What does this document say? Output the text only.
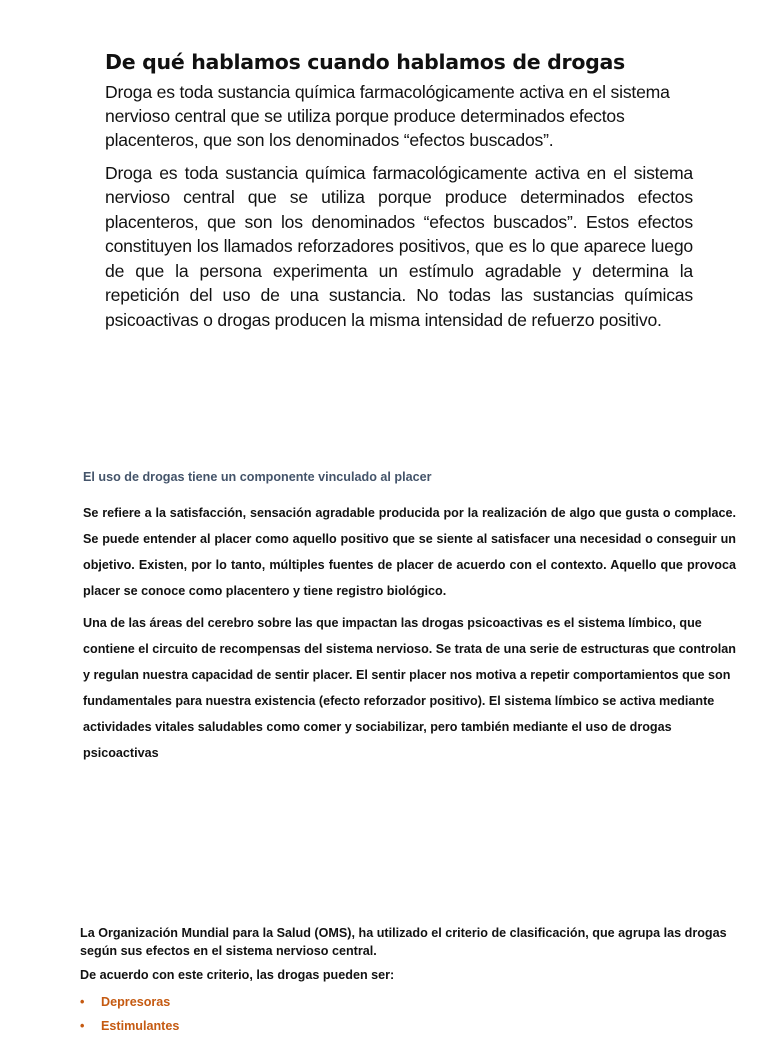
De qué hablamos cuando hablamos de drogas

Droga es toda sustancia química farmacológicamente activa en el sistema nervioso central que se utiliza porque produce determinados efectos placenteros, que son los denominados “efectos buscados”.

Droga es toda sustancia química farmacológicamente activa en el sistema nervioso central que se utiliza porque produce determinados efectos placenteros, que son los denominados “efectos buscados”. Estos efectos constituyen los llamados reforzadores positivos, que es lo que aparece luego de que la persona experimenta un estímulo agradable y determina la repetición del uso de una sustancia. No todas las sustancias químicas psicoactivas o drogas producen la misma intensidad de refuerzo positivo.

El uso de drogas tiene un componente vinculado al placer

Se refiere a la satisfacción, sensación agradable producida por la realización de algo que gusta o complace. Se puede entender al placer como aquello positivo que se siente al satisfacer una necesidad o conseguir un objetivo. Existen, por lo tanto, múltiples fuentes de placer de acuerdo con el contexto. Aquello que provoca placer se conoce como placentero y tiene registro biológico.

Una de las áreas del cerebro sobre las que impactan las drogas psicoactivas es el sistema límbico, que contiene el circuito de recompensas del sistema nervioso. Se trata de una serie de estructuras que controlan y regulan nuestra capacidad de sentir placer. El sentir placer nos motiva a repetir comportamientos que son fundamentales para nuestra existencia (efecto reforzador positivo). El sistema límbico se activa mediante actividades vitales saludables como comer y sociabilizar, pero también mediante el uso de drogas psicoactivas

La Organización Mundial para la Salud (OMS), ha utilizado el criterio de clasificación, que agrupa las drogas según sus efectos en el sistema nervioso central.

De acuerdo con este criterio, las drogas pueden ser:

• Depresoras
• Estimulantes
